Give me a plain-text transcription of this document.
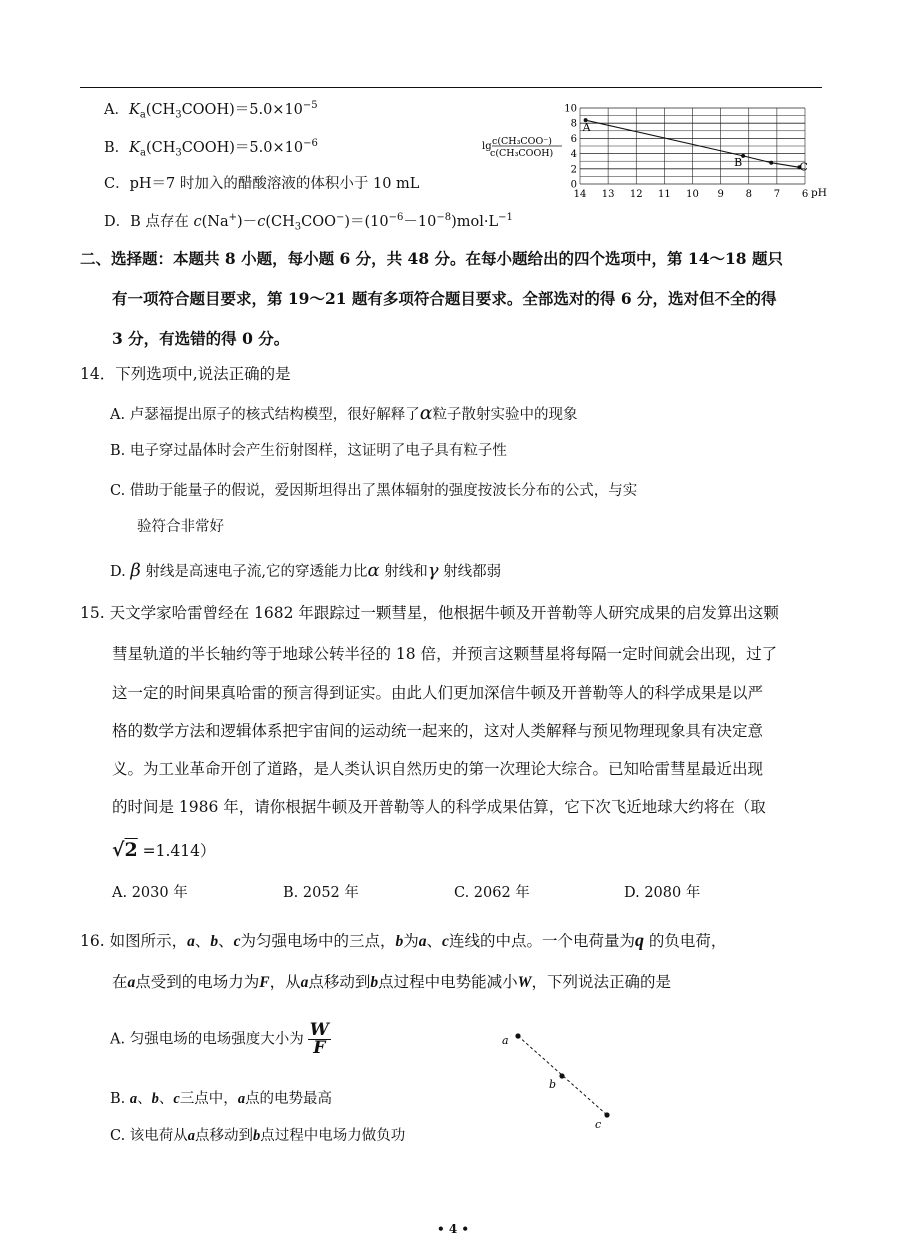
A．$K_a(CH_3COOH)=5.0\times 10^{-5}$
B．$K_a(CH_3COOH)=5.0\times 10^{-6}$
C．pH＝7 时加入的醋酸溶液的体积小于 10 mL
D．B 点存在 $c(Na^+)-c(CH_3COO^-)=(10^{-6}-10^{-8})mol\cdot L^{-1}$
10
8
6
4
2
0
14 13 12 11 10 9 8 7 6
A
B	C
lg c(CH₃COO⁻)
c(CH₃COOH)
pH
二、选择题：本题共 8 小题，每小题 6 分，共 48 分。在每小题给出的四个选项中，第 14～18 题只
有一项符合题目要求，第 19～21 题有多项符合题目要求。全部选对的得 6 分，选对但不全的得
3 分，有选错的得 0 分。
14．下列选项中,说法正确的是
A. 卢瑟福提出原子的核式结构模型，很好解释了α粒子散射实验中的现象
B. 电子穿过晶体时会产生衍射图样，这证明了电子具有粒子性
C. 借助于能量子的假说，爱因斯坦得出了黑体辐射的强度按波长分布的公式，与实
验符合非常好
D. β 射线是高速电子流,它的穿透能力比α 射线和γ 射线都弱
15. 天文学家哈雷曾经在 1682 年跟踪过一颗彗星，他根据牛顿及开普勒等人研究成果的启发算出这颗
彗星轨道的半长轴约等于地球公转半径的 18 倍，并预言这颗彗星将每隔一定时间就会出现，过了
这一定的时间果真哈雷的预言得到证实。由此人们更加深信牛顿及开普勒等人的科学成果是以严
格的数学方法和逻辑体系把宇宙间的运动统一起来的，这对人类解释与预见物理现象具有决定意
义。为工业革命开创了道路，是人类认识自然历史的第一次理论大综合。已知哈雷彗星最近出现
的时间是 1986 年，请你根据牛顿及开普勒等人的科学成果估算，它下次飞近地球大约将在（取
√2 =1.414）
A. 2030 年	B. 2052 年	C. 2062 年	D. 2080 年
16. 如图所示，a、b、c为匀强电场中的三点，b为a、c连线的中点。一个电荷量为q 的负电荷，
在a点受到的电场力为F，从a点移动到b点过程中电势能减小W，下列说法正确的是
A. 匀强电场的电场强度大小为 $\frac{W}{F}$
B. a、b、c三点中，a点的电势最高
C. 该电荷从a点移动到b点过程中电场力做负功
a
b
c
• 4 •
